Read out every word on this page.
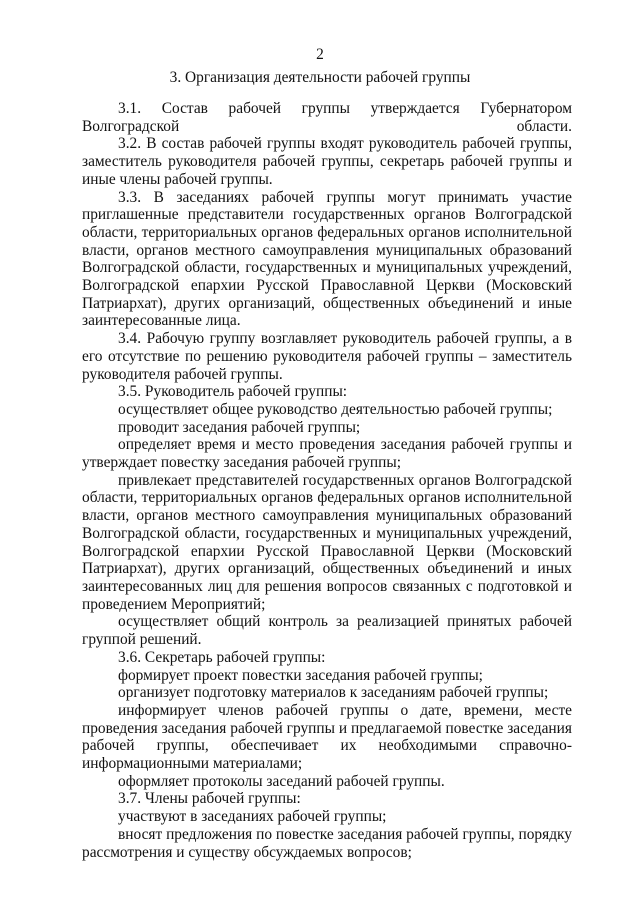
2
3. Организация деятельности рабочей группы

3.1. Состав рабочей группы утверждается Губернатором Волгоградской области.

3.2. В состав рабочей группы входят руководитель рабочей группы, заместитель руководителя рабочей группы, секретарь рабочей группы и иные члены рабочей группы.

3.3. В заседаниях рабочей группы могут принимать участие приглашенные представители государственных органов Волгоградской области, территориальных органов федеральных органов исполнительной власти, органов местного самоуправления муниципальных образований Волгоградской области, государственных и муниципальных учреждений, Волгоградской епархии Русской Православной Церкви (Московский Патриархат), других организаций, общественных объединений и иные заинтересованные лица.

3.4. Рабочую группу возглавляет руководитель рабочей группы, а в его отсутствие по решению руководителя рабочей группы – заместитель руководителя рабочей группы.

3.5. Руководитель рабочей группы:

осуществляет общее руководство деятельностью рабочей группы;

проводит заседания рабочей группы;

определяет время и место проведения заседания рабочей группы и утверждает повестку заседания рабочей группы;

привлекает представителей государственных органов Волгоградской области, территориальных органов федеральных органов исполнительной власти, органов местного самоуправления муниципальных образований Волгоградской области, государственных и муниципальных учреждений, Волгоградской епархии Русской Православной Церкви (Московский Патриархат), других организаций, общественных объединений и иных заинтересованных лиц для решения вопросов связанных с подготовкой и проведением Мероприятий;

осуществляет общий контроль за реализацией принятых рабочей группой решений.

3.6. Секретарь рабочей группы:

формирует проект повестки заседания рабочей группы;

организует подготовку материалов к заседаниям рабочей группы;

информирует членов рабочей группы о дате, времени, месте проведения заседания рабочей группы и предлагаемой повестке заседания рабочей группы, обеспечивает их необходимыми справочно-информационными материалами;

оформляет протоколы заседаний рабочей группы.

3.7. Члены рабочей группы:

участвуют в заседаниях рабочей группы;

вносят предложения по повестке заседания рабочей группы, порядку рассмотрения и существу обсуждаемых вопросов;
